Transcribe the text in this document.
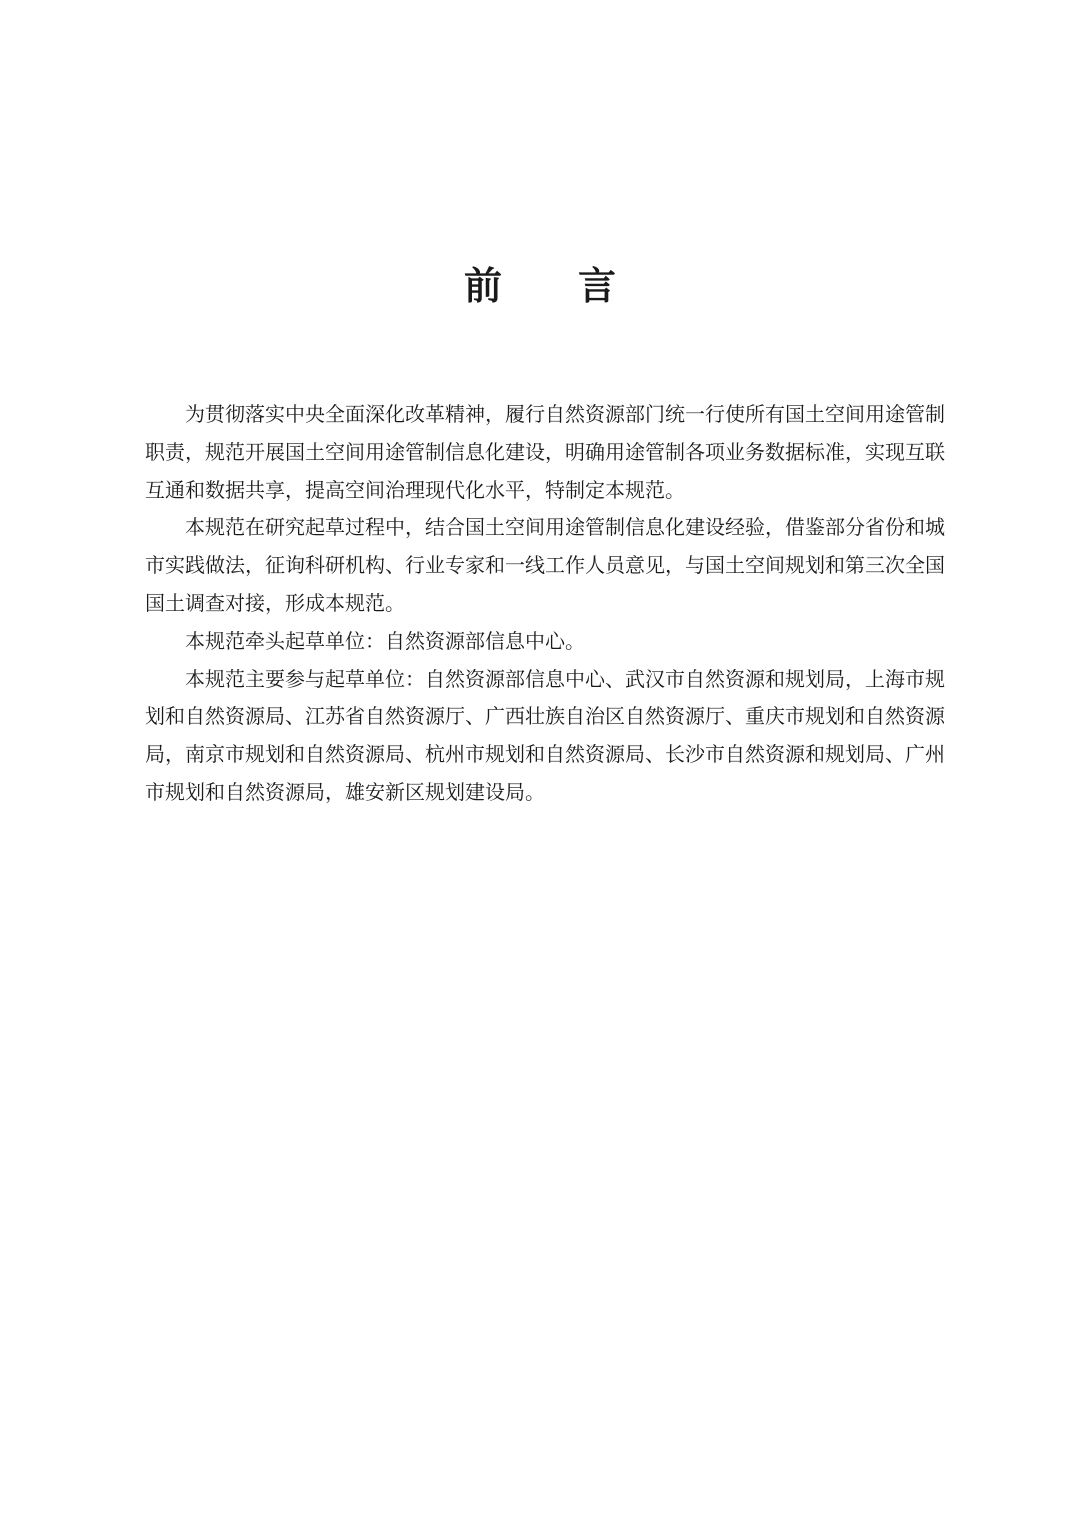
前 言

为贯彻落实中央全面深化改革精神，履行自然资源部门统一行使所有国土空间用途管制职责，规范开展国土空间用途管制信息化建设，明确用途管制各项业务数据标准，实现互联互通和数据共享，提高空间治理现代化水平，特制定本规范。

本规范在研究起草过程中，结合国土空间用途管制信息化建设经验，借鉴部分省份和城市实践做法，征询科研机构、行业专家和一线工作人员意见，与国土空间规划和第三次全国国土调查对接，形成本规范。

本规范牵头起草单位：自然资源部信息中心。

本规范主要参与起草单位：自然资源部信息中心、武汉市自然资源和规划局，上海市规划和自然资源局、江苏省自然资源厅、广西壮族自治区自然资源厅、重庆市规划和自然资源局，南京市规划和自然资源局、杭州市规划和自然资源局、长沙市自然资源和规划局、广州市规划和自然资源局，雄安新区规划建设局。
